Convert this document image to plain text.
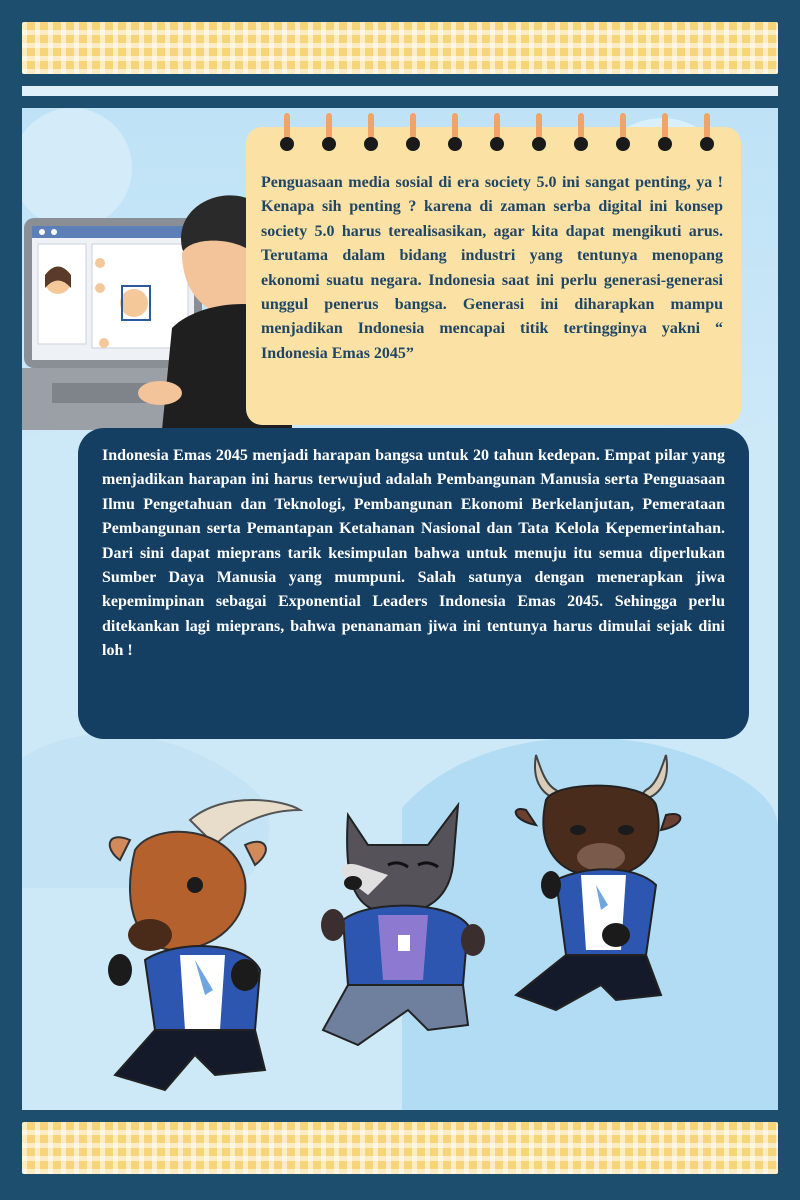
Penguasaan media sosial di era society 5.0 ini sangat penting, ya ! Kenapa sih penting ? karena di zaman serba digital ini konsep society 5.0 harus terealisasikan, agar kita dapat mengikuti arus. Terutama dalam bidang industri yang tentunya menopang ekonomi suatu negara. Indonesia saat ini perlu generasi-generasi unggul penerus bangsa. Generasi ini diharapkan mampu menjadikan Indonesia mencapai titik tertingginya yakni “ Indonesia Emas 2045”

Indonesia Emas 2045 menjadi harapan bangsa untuk 20 tahun kedepan. Empat pilar yang menjadikan harapan ini harus terwujud adalah Pembangunan Manusia serta Penguasaan Ilmu Pengetahuan dan Teknologi, Pembangunan Ekonomi Berkelanjutan, Pemerataan Pembangunan serta Pemantapan Ketahanan Nasional dan Tata Kelola Kepemerintahan. Dari sini dapat mieprans tarik kesimpulan bahwa untuk menuju itu semua diperlukan Sumber Daya Manusia yang mumpuni. Salah satunya dengan menerapkan jiwa kepemimpinan sebagai Exponential Leaders Indonesia Emas 2045. Sehingga perlu ditekankan lagi mieprans, bahwa penanaman jiwa ini tentunya harus dimulai sejak dini loh !
